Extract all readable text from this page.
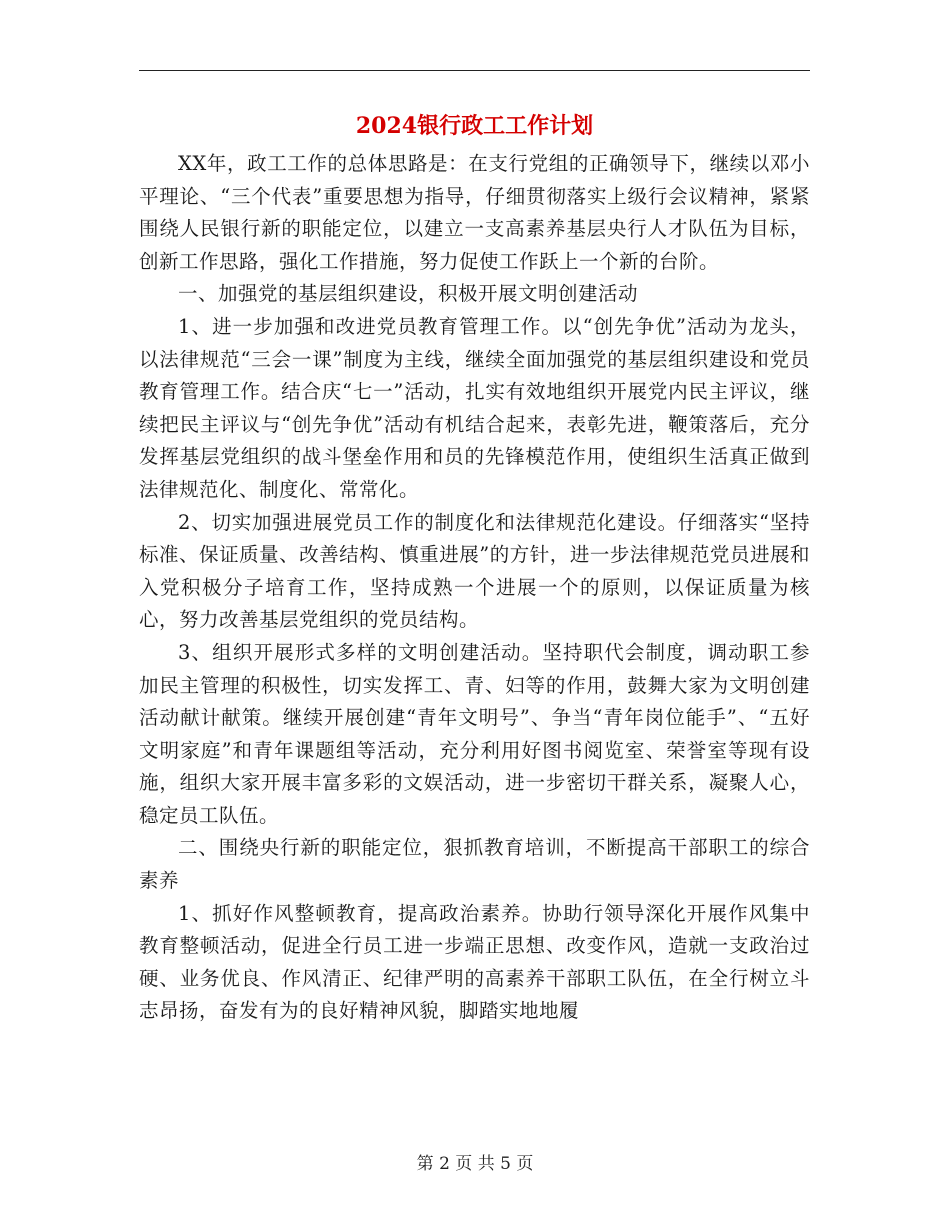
2024银行政工工作计划

XX年，政工工作的总体思路是：在支行党组的正确领导下，继续以邓小平理论、“三个代表”重要思想为指导，仔细贯彻落实上级行会议精神，紧紧围绕人民银行新的职能定位，以建立一支高素养基层央行人才队伍为目标，创新工作思路，强化工作措施，努力促使工作跃上一个新的台阶。

一、加强党的基层组织建设，积极开展文明创建活动

1、进一步加强和改进党员教育管理工作。以“创先争优”活动为龙头，以法律规范“三会一课”制度为主线，继续全面加强党的基层组织建设和党员教育管理工作。结合庆“七一”活动，扎实有效地组织开展党内民主评议，继续把民主评议与“创先争优”活动有机结合起来，表彰先进，鞭策落后，充分发挥基层党组织的战斗堡垒作用和员的先锋模范作用，使组织生活真正做到法律规范化、制度化、常常化。

2、切实加强进展党员工作的制度化和法律规范化建设。仔细落实“坚持标准、保证质量、改善结构、慎重进展”的方针，进一步法律规范党员进展和入党积极分子培育工作，坚持成熟一个进展一个的原则，以保证质量为核心，努力改善基层党组织的党员结构。

3、组织开展形式多样的文明创建活动。坚持职代会制度，调动职工参加民主管理的积极性，切实发挥工、青、妇等的作用，鼓舞大家为文明创建活动献计献策。继续开展创建“青年文明号”、争当“青年岗位能手”、“五好文明家庭”和青年课题组等活动，充分利用好图书阅览室、荣誉室等现有设施，组织大家开展丰富多彩的文娱活动，进一步密切干群关系，凝聚人心，稳定员工队伍。

二、围绕央行新的职能定位，狠抓教育培训，不断提高干部职工的综合素养

1、抓好作风整顿教育，提高政治素养。协助行领导深化开展作风集中教育整顿活动，促进全行员工进一步端正思想、改变作风，造就一支政治过硬、业务优良、作风清正、纪律严明的高素养干部职工队伍，在全行树立斗志昂扬，奋发有为的良好精神风貌，脚踏实地地履

第 2 页 共 5 页
